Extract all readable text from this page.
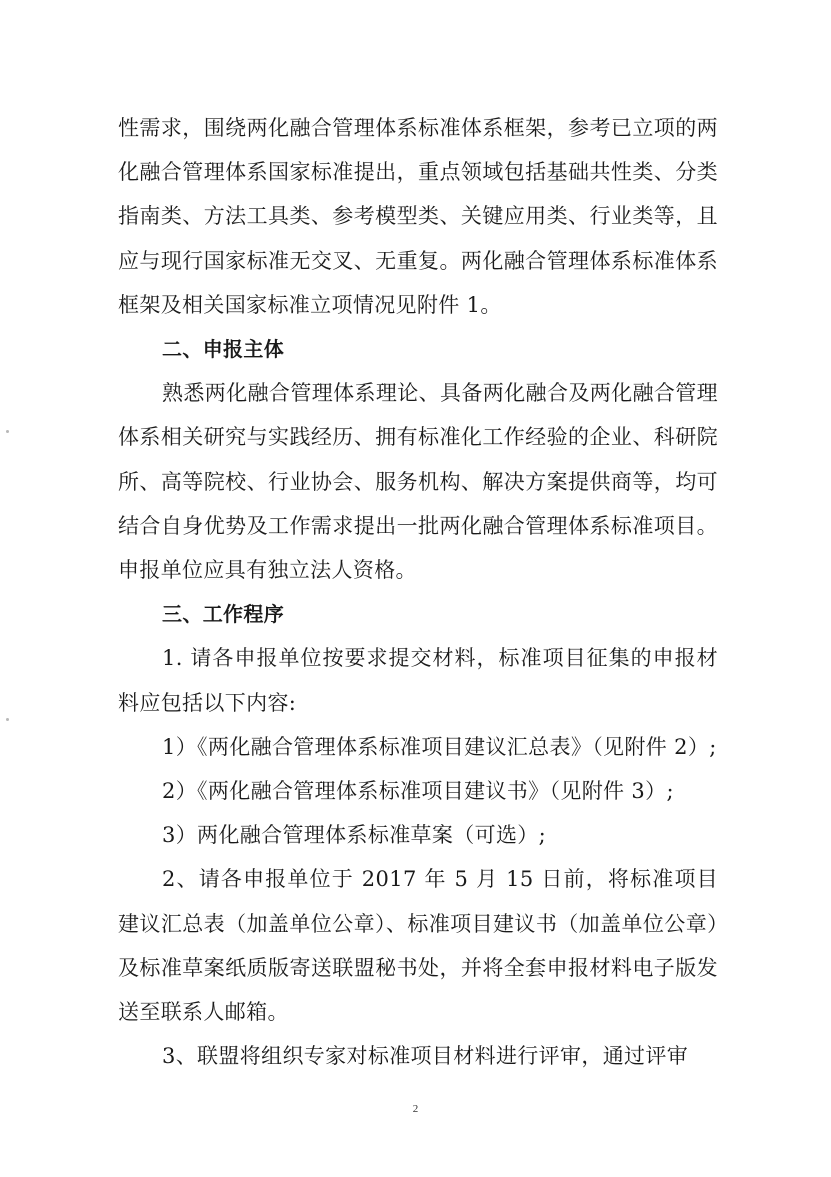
性需求，围绕两化融合管理体系标准体系框架，参考已立项的两化融合管理体系国家标准提出，重点领域包括基础共性类、分类指南类、方法工具类、参考模型类、关键应用类、行业类等，且应与现行国家标准无交叉、无重复。两化融合管理体系标准体系框架及相关国家标准立项情况见附件 1。

二、申报主体

熟悉两化融合管理体系理论、具备两化融合及两化融合管理体系相关研究与实践经历、拥有标准化工作经验的企业、科研院所、高等院校、行业协会、服务机构、解决方案提供商等，均可结合自身优势及工作需求提出一批两化融合管理体系标准项目。申报单位应具有独立法人资格。

三、工作程序

1. 请各申报单位按要求提交材料，标准项目征集的申报材料应包括以下内容:

1）《两化融合管理体系标准项目建议汇总表》（见附件 2）;

2）《两化融合管理体系标准项目建议书》（见附件 3）;

3）两化融合管理体系标准草案（可选）;

2、请各申报单位于 2017 年 5 月 15 日前，将标准项目建议汇总表（加盖单位公章）、标准项目建议书（加盖单位公章）及标准草案纸质版寄送联盟秘书处，并将全套申报材料电子版发送至联系人邮箱。

3、联盟将组织专家对标准项目材料进行评审，通过评审

2
